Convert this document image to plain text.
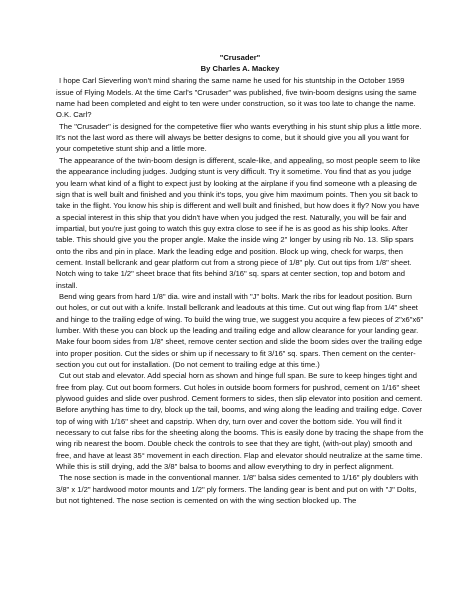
"Crusader"

By Charles A. Mackey

I hope Carl Sieverling won't mind sharing the same name he used for his stuntship in the October 1959 issue of Flying Models. At the time Carl's "Crusader" was published, five twin-boom designs using the same name had been completed and eight to ten were under construction, so it was too late to change the name. O.K. Carl?

The "Crusader" is designed for the competetive flier who wants everything in his stunt ship plus a little more. It's not the last word as there will always be better designs to come, but it should give you all you want for your competetive stunt ship and a little more.

The appearance of the twin-boom design is different, scale-like, and appealing, so most people seem to like the appearance including judges. Judging stunt is very difficult. Try it sometime. You find that as you judge you learn what kind of a flight to expect just by looking at the airplane if you find someone wth a pleasing de sign that is well built and finished and you think it's tops, you give him maximum points. Then you sit back to take in the flight. You know his ship is different and well built and finished, but how does it fly? Now you have a special interest in this ship that you didn't have when you judged the rest. Naturally, you will be fair and impartial, but you're just going to watch this guy extra close to see if he is as good as his ship looks. After table. This should give you the proper angle. Make the inside wing 2" longer by using rib No. 13. Slip spars onto the ribs and pin in place. Mark the leading edge and position. Block up wing, check for warps, then cement. Install bellcrank and gear platform cut from a strong piece of 1/8" ply. Cut out tips from 1/8" sheet. Notch wing to take 1/2" sheet brace that fits behind 3/16" sq. spars at center section, top and botom and install.

Bend wing gears from hard 1/8" dia. wire and install with "J" bolts. Mark the ribs for leadout position. Burn out holes, or cut out with a knife. Install bellcrank and leadouts at this time. Cut out wing flap from 1/4" sheet and hinge to the trailing edge of wing. To build the wing true, we suggest you acquire a few pieces of 2"x6"x6" lumber. With these you can block up the leading and trailing edge and allow clearance for your landing gear. Make four boom sides from 1/8" sheet, remove center section and slide the boom sides over the trailing edge into proper position. Cut the sides or shim up if necessary to fit 3/16" sq. spars. Then cement on the center-section you cut out for installation. (Do not cement to trailing edge at this time.)

Cut out stab and elevator. Add special horn as shown and hinge full span. Be sure to keep hinges tight and free from play. Cut out boom formers. Cut holes in outside boom formers for pushrod, cement on 1/16" sheet plywood guides and slide over pushrod. Cement formers to sides, then slip elevator into position and cement. Before anything has time to dry, block up the tail, booms, and wing along the leading and trailing edge. Cover top of wing with 1/16" sheet and capstrip. When dry, turn over and cover the bottom side. You will find it necessary to cut false ribs for the sheeting along the booms. This is easily done by tracing the shape from the wing rib nearest the boom. Double check the controls to see that they are tight, (with-out play) smooth and free, and have at least 35° movement in each direction. Flap and elevator should neutralize at the same time. While this is still drying, add the 3/8" balsa to booms and allow everything to dry in perfect alignment.

The nose section is made in the conventional manner. 1/8" balsa sides cemented to 1/16" ply doublers with 3/8" x 1/2" hardwood motor mounts and 1/2" ply formers. The landing gear is bent and put on with "J" Dolts, but not tightened. The nose section is cemented on with the wing section blocked up. The
